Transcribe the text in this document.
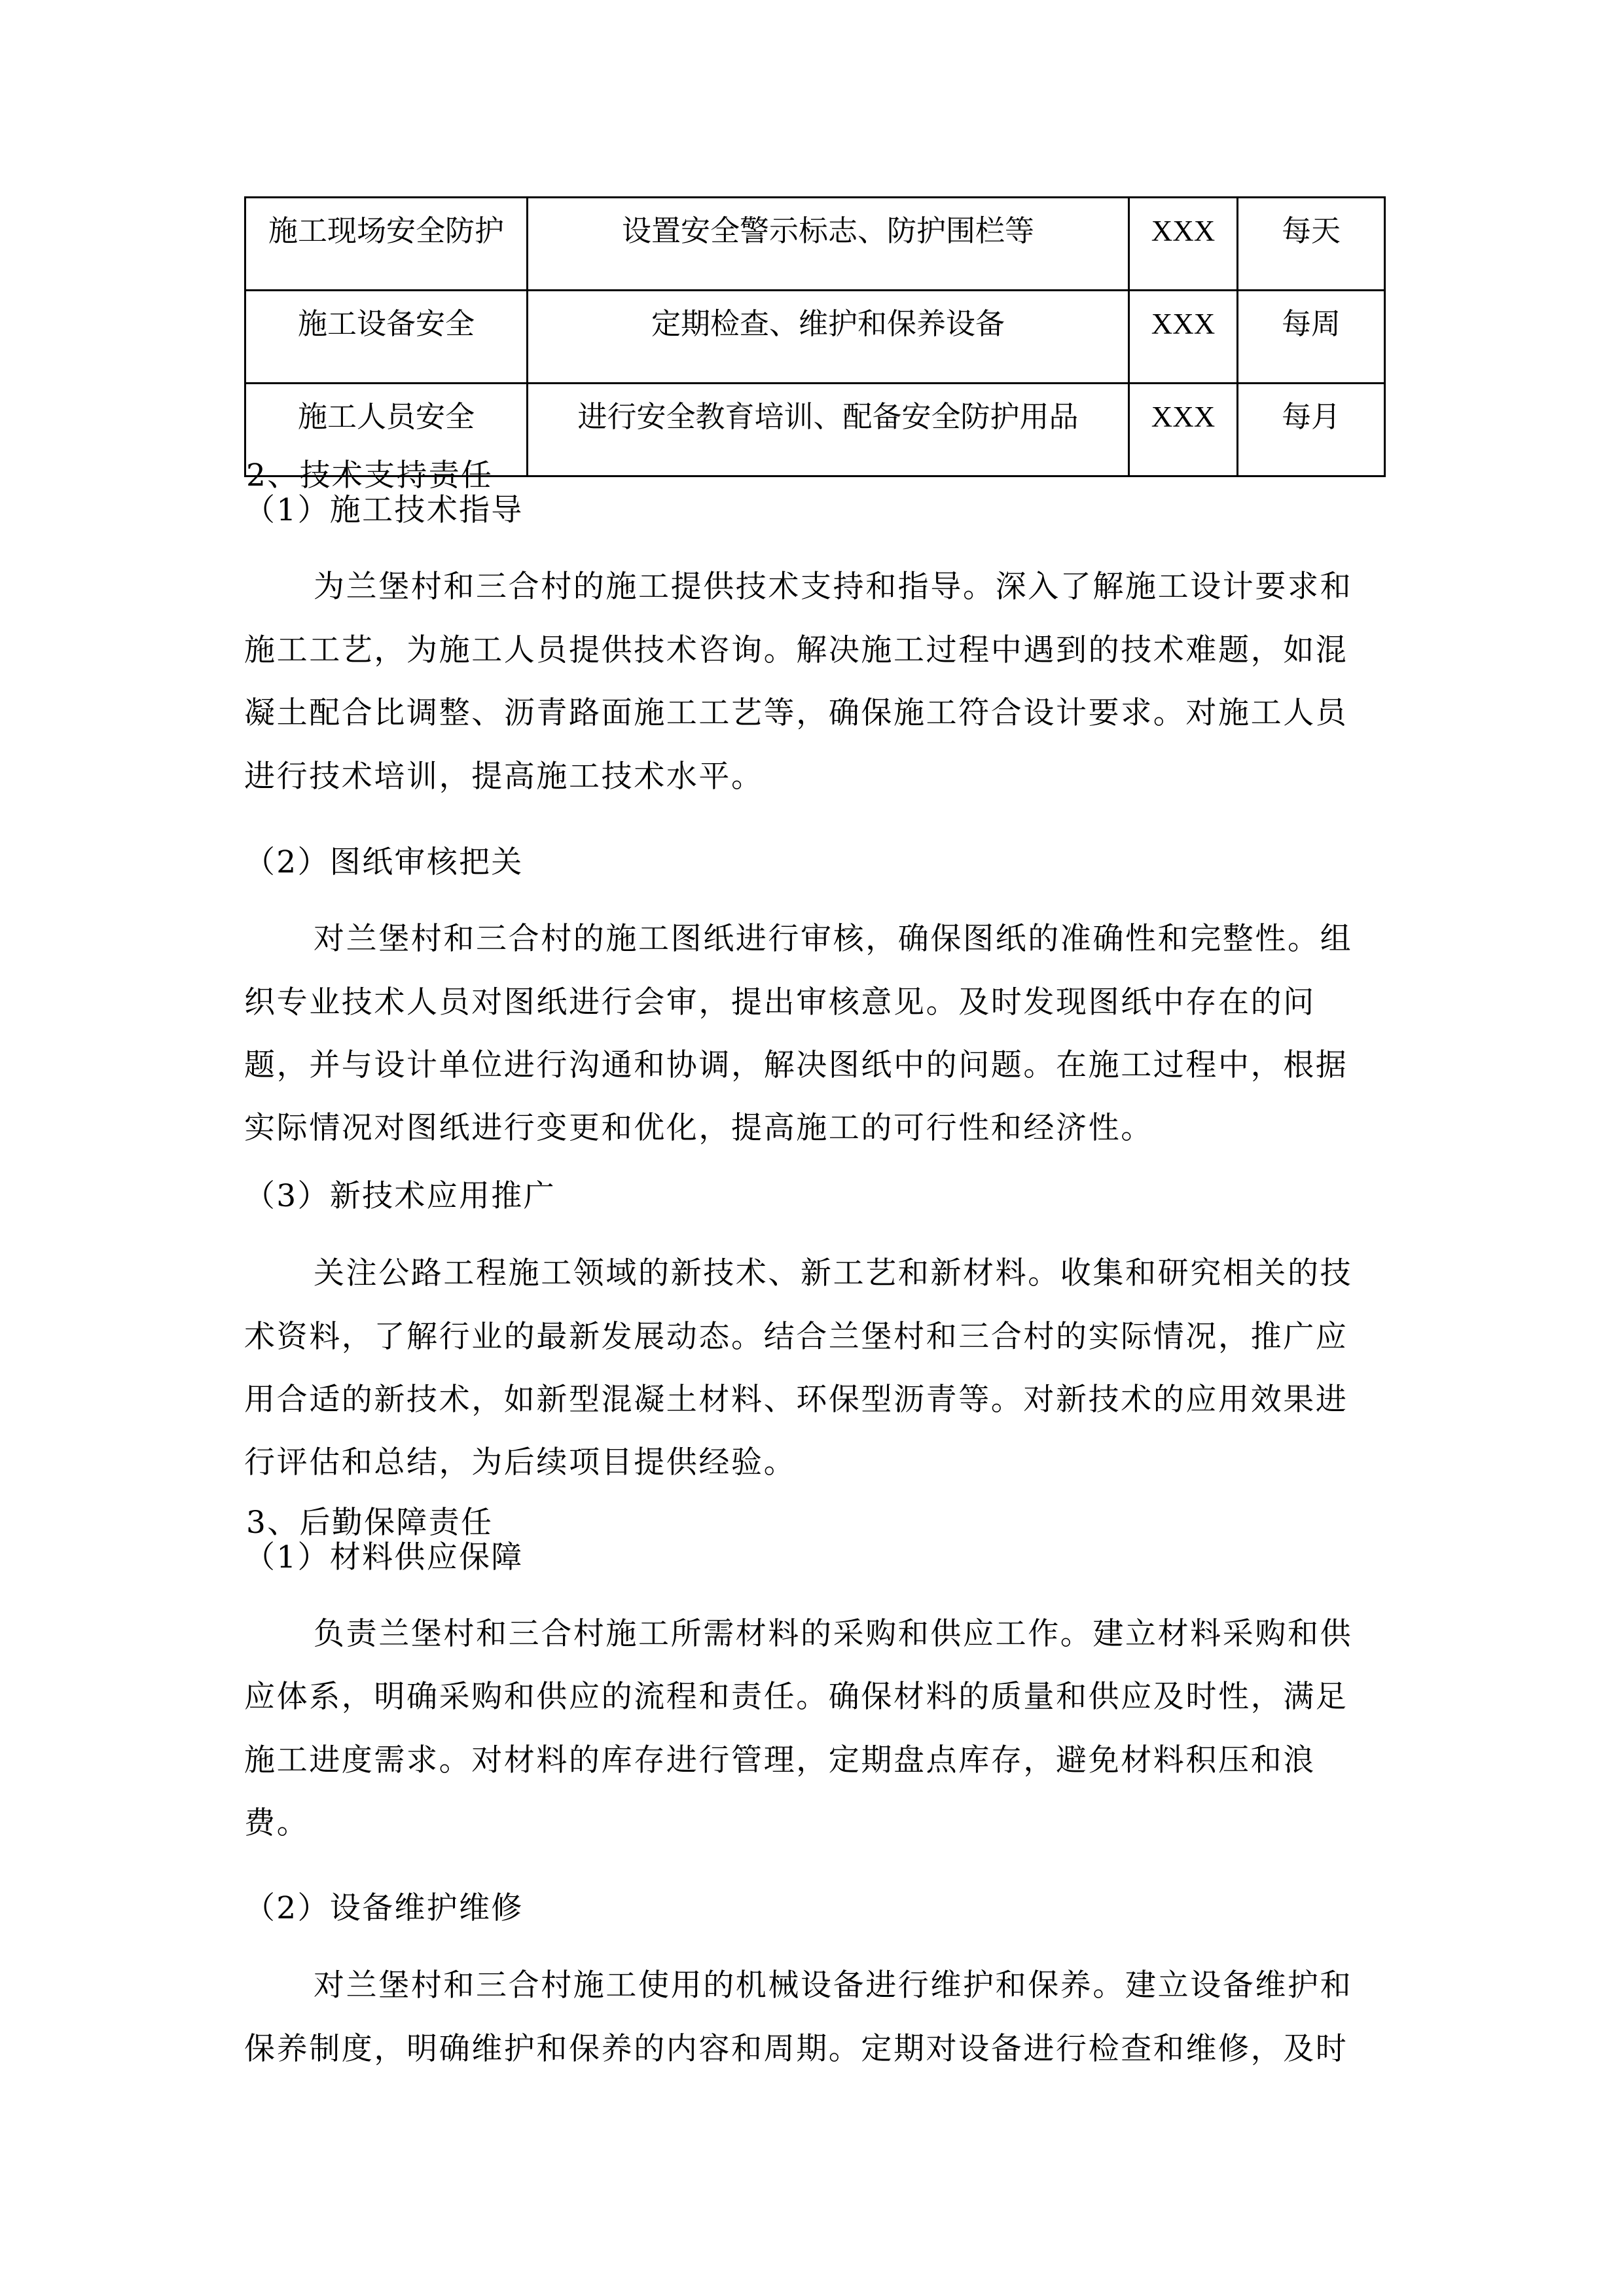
施工现场安全防护	设置安全警示标志、防护围栏等	XXX	每天
施工设备安全	定期检查、维护和保养设备	XXX	每周
施工人员安全	进行安全教育培训、配备安全防护用品	XXX	每月
2、技术支持责任
（1）施工技术指导
为兰堡村和三合村的施工提供技术支持和指导。深入了解施工设计要求和
施工工艺，为施工人员提供技术咨询。解决施工过程中遇到的技术难题，如混
凝土配合比调整、沥青路面施工工艺等，确保施工符合设计要求。对施工人员
进行技术培训，提高施工技术水平。
（2）图纸审核把关
对兰堡村和三合村的施工图纸进行审核，确保图纸的准确性和完整性。组
织专业技术人员对图纸进行会审，提出审核意见。及时发现图纸中存在的问
题，并与设计单位进行沟通和协调，解决图纸中的问题。在施工过程中，根据
实际情况对图纸进行变更和优化，提高施工的可行性和经济性。
（3）新技术应用推广
关注公路工程施工领域的新技术、新工艺和新材料。收集和研究相关的技
术资料，了解行业的最新发展动态。结合兰堡村和三合村的实际情况，推广应
用合适的新技术，如新型混凝土材料、环保型沥青等。对新技术的应用效果进
行评估和总结，为后续项目提供经验。
3、后勤保障责任
（1）材料供应保障
负责兰堡村和三合村施工所需材料的采购和供应工作。建立材料采购和供
应体系，明确采购和供应的流程和责任。确保材料的质量和供应及时性，满足
施工进度需求。对材料的库存进行管理，定期盘点库存，避免材料积压和浪
费。
（2）设备维护维修
对兰堡村和三合村施工使用的机械设备进行维护和保养。建立设备维护和
保养制度，明确维护和保养的内容和周期。定期对设备进行检查和维修，及时
